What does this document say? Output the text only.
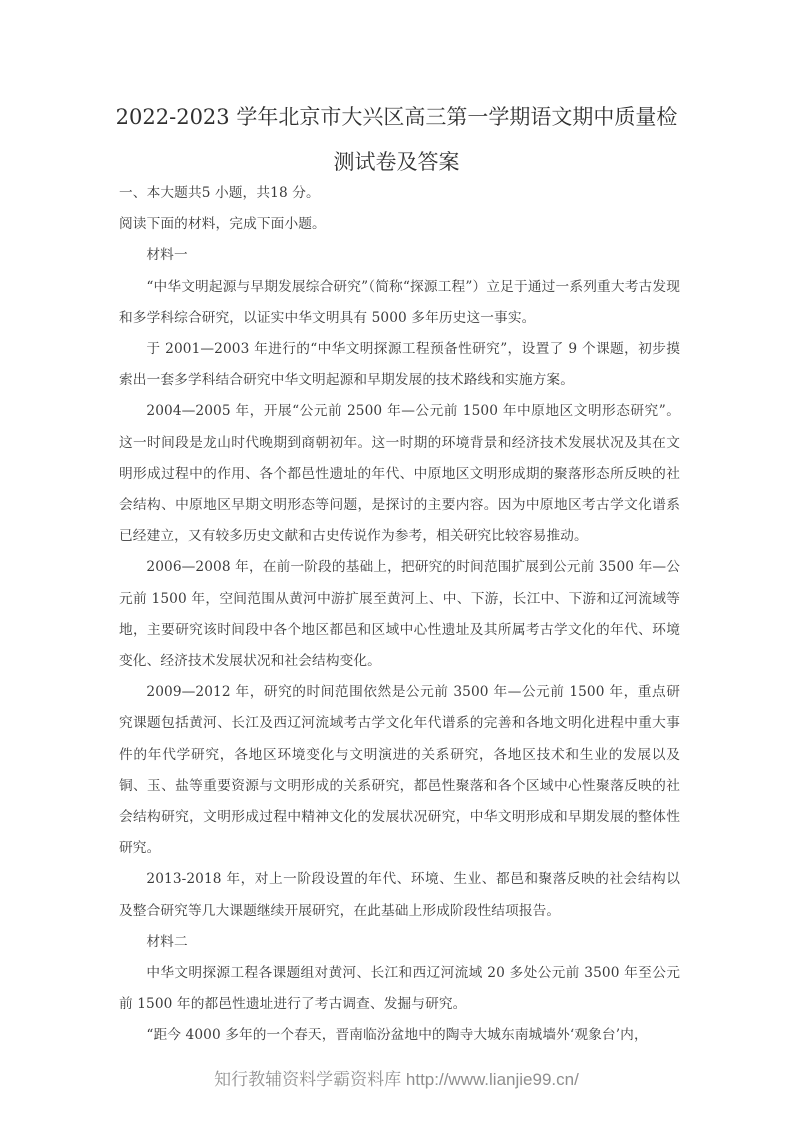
2022-2023 学年北京市大兴区高三第一学期语文期中质量检
测试卷及答案

一、本大题共5 小题，共18 分。

阅读下面的材料，完成下面小题。

材料一

“中华文明起源与早期发展综合研究”（简称“探源工程”）立足于通过一系列重大考古发现和多学科综合研究，以证实中华文明具有 5000 多年历史这一事实。

于 2001—2003 年进行的“中华文明探源工程预备性研究”，设置了 9 个课题，初步摸索出一套多学科结合研究中华文明起源和早期发展的技术路线和实施方案。

2004—2005 年，开展“公元前 2500 年—公元前 1500 年中原地区文明形态研究”。这一时间段是龙山时代晚期到商朝初年。这一时期的环境背景和经济技术发展状况及其在文明形成过程中的作用、各个都邑性遗址的年代、中原地区文明形成期的聚落形态所反映的社会结构、中原地区早期文明形态等问题，是探讨的主要内容。因为中原地区考古学文化谱系已经建立，又有较多历史文献和古史传说作为参考，相关研究比较容易推动。

2006—2008 年，在前一阶段的基础上，把研究的时间范围扩展到公元前 3500 年—公元前 1500 年，空间范围从黄河中游扩展至黄河上、中、下游，长江中、下游和辽河流域等地，主要研究该时间段中各个地区都邑和区域中心性遗址及其所属考古学文化的年代、环境变化、经济技术发展状况和社会结构变化。

2009—2012 年，研究的时间范围依然是公元前 3500 年—公元前 1500 年，重点研究课题包括黄河、长江及西辽河流域考古学文化年代谱系的完善和各地文明化进程中重大事件的年代学研究，各地区环境变化与文明演进的关系研究，各地区技术和生业的发展以及铜、玉、盐等重要资源与文明形成的关系研究，都邑性聚落和各个区域中心性聚落反映的社会结构研究，文明形成过程中精神文化的发展状况研究，中华文明形成和早期发展的整体性研究。

2013-2018 年，对上一阶段设置的年代、环境、生业、都邑和聚落反映的社会结构以及整合研究等几大课题继续开展研究，在此基础上形成阶段性结项报告。

材料二

中华文明探源工程各课题组对黄河、长江和西辽河流域 20 多处公元前 3500 年至公元前 1500 年的都邑性遗址进行了考古调查、发掘与研究。

“距今 4000 多年的一个春天，晋南临汾盆地中的陶寺大城东南城墙外‘观象台’内，

知行教辅资料学霸资料库 http://www.lianjie99.cn/
